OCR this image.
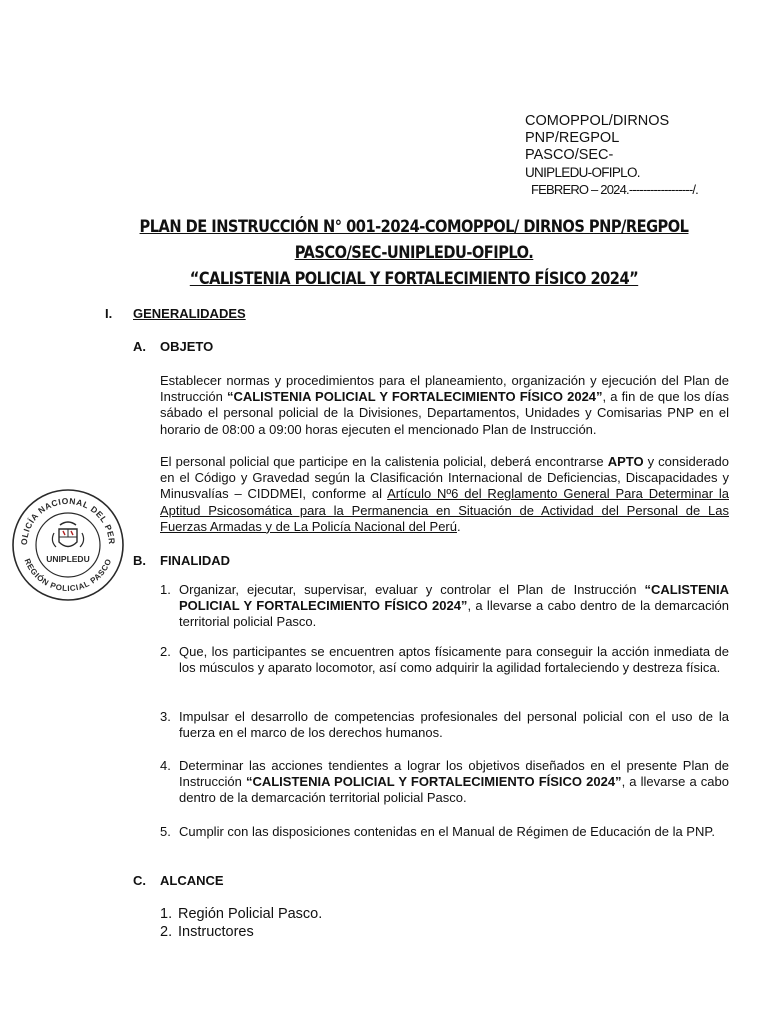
COMOPPOL/DIRNOS
PNP/REGPOL
PASCO/SEC-
UNIPLEDU-OFIPLO.
FEBRERO – 2024.------------------/.
PLAN DE INSTRUCCIÓN N° 001-2024-COMOPPOL/ DIRNOS PNP/REGPOL
PASCO/SEC-UNIPLEDU-OFIPLO.
“CALISTENIA POLICIAL Y FORTALECIMIENTO FÍSICO 2024”
I. GENERALIDADES
A. OBJETO
Establecer normas y procedimientos para el planeamiento, organización y ejecución del Plan de Instrucción “CALISTENIA POLICIAL Y FORTALECIMIENTO FÍSICO 2024”, a fin de que los días sábado el personal policial de la Divisiones, Departamentos, Unidades y Comisarias PNP en el horario de 08:00 a 09:00 horas ejecuten el mencionado Plan de Instrucción.
El personal policial que participe en la calistenia policial, deberá encontrarse APTO y considerado en el Código y Gravedad según la Clasificación Internacional de Deficiencias, Discapacidades y Minusvalías – CIDDMEI, conforme al Artículo Nº6 del Reglamento General Para Determinar la Aptitud Psicosomática para la Permanencia en Situación de Actividad del Personal de Las Fuerzas Armadas y de La Policía Nacional del Perú.
OLICÍA NACIONAL DEL PER
REGIÓN POLICIAL PASCO
UNIPLEDU	B. FINALIDAD
1. Organizar, ejecutar, supervisar, evaluar y controlar el Plan de Instrucción “CALISTENIA POLICIAL Y FORTALECIMIENTO FÍSICO 2024”, a llevarse a cabo dentro de la demarcación territorial policial Pasco.
2. Que, los participantes se encuentren aptos físicamente para conseguir la acción inmediata de los músculos y aparato locomotor, así como adquirir la agilidad fortaleciendo y destreza física.
3. Impulsar el desarrollo de competencias profesionales del personal policial con el uso de la fuerza en el marco de los derechos humanos.
4. Determinar las acciones tendientes a lograr los objetivos diseñados en el presente Plan de Instrucción “CALISTENIA POLICIAL Y FORTALECIMIENTO FÍSICO 2024”, a llevarse a cabo dentro de la demarcación territorial policial Pasco.
5. Cumplir con las disposiciones contenidas en el Manual de Régimen de Educación de la PNP.
C. ALCANCE
1. Región Policial Pasco.
2. Instructores
